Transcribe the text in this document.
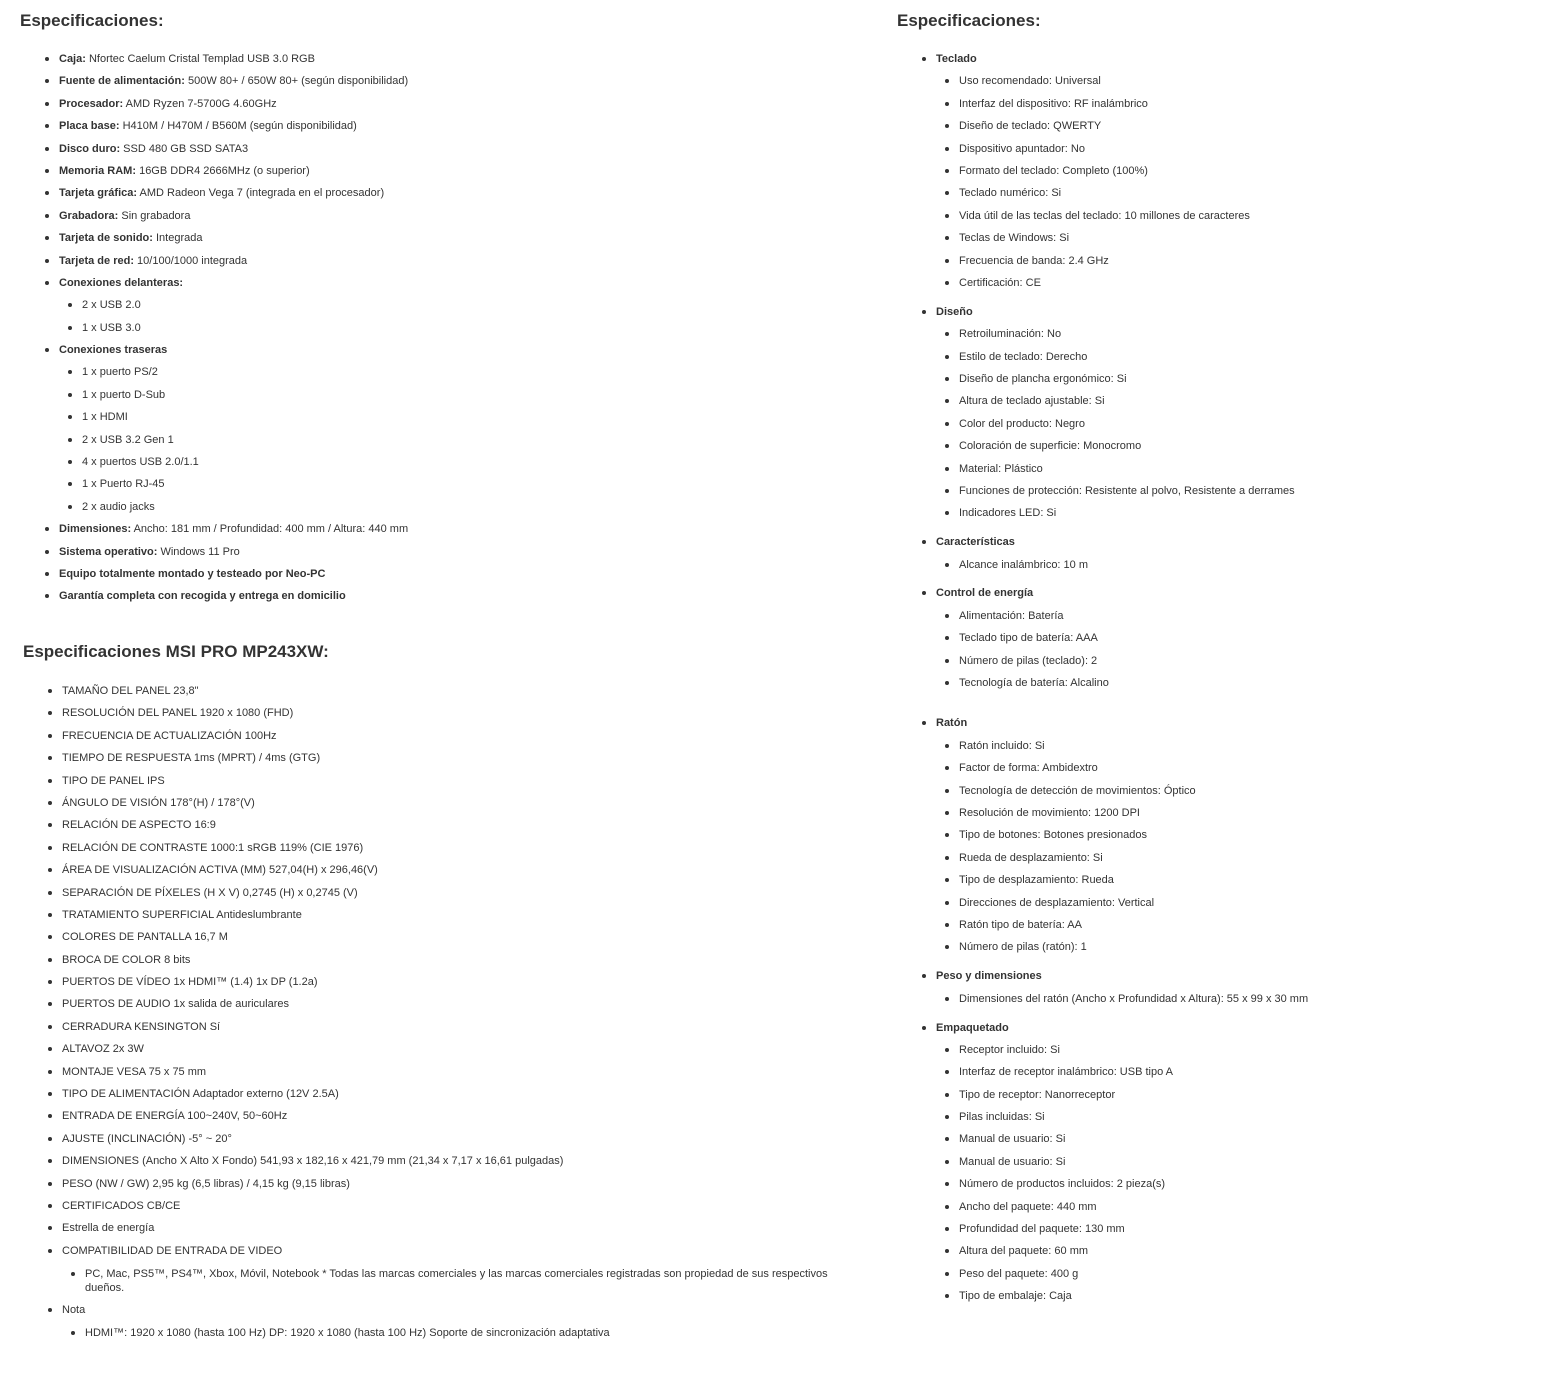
Especificaciones:
Caja: Nfortec Caelum Cristal Templad USB 3.0 RGB
Fuente de alimentación: 500W 80+ / 650W 80+ (según disponibilidad)
Procesador: AMD Ryzen 7-5700G 4.60GHz
Placa base: H410M / H470M / B560M (según disponibilidad)
Disco duro: SSD 480 GB SSD SATA3
Memoria RAM: 16GB DDR4 2666MHz (o superior)
Tarjeta gráfica: AMD Radeon Vega 7 (integrada en el procesador)
Grabadora: Sin grabadora
Tarjeta de sonido: Integrada
Tarjeta de red: 10/100/1000 integrada
Conexiones delanteras:
2 x USB 2.0
1 x USB 3.0
Conexiones traseras
1 x puerto PS/2
1 x puerto D-Sub
1 x HDMI
2 x USB 3.2 Gen 1
4 x puertos USB 2.0/1.1
1 x Puerto RJ-45
2 x audio jacks
Dimensiones: Ancho: 181 mm / Profundidad: 400 mm / Altura: 440 mm
Sistema operativo: Windows 11 Pro
Equipo totalmente montado y testeado por Neo-PC
Garantía completa con recogida y entrega en domicilio
Especificaciones MSI PRO MP243XW:
TAMAÑO DEL PANEL 23,8"
RESOLUCIÓN DEL PANEL 1920 x 1080 (FHD)
FRECUENCIA DE ACTUALIZACIÓN 100Hz
TIEMPO DE RESPUESTA 1ms (MPRT) / 4ms (GTG)
TIPO DE PANEL IPS
ÁNGULO DE VISIÓN 178°(H) / 178°(V)
RELACIÓN DE ASPECTO 16:9
RELACIÓN DE CONTRASTE 1000:1 sRGB 119% (CIE 1976)
ÁREA DE VISUALIZACIÓN ACTIVA (MM) 527,04(H) x 296,46(V)
SEPARACIÓN DE PÍXELES (H X V) 0,2745 (H) x 0,2745 (V)
TRATAMIENTO SUPERFICIAL Antideslumbrante
COLORES DE PANTALLA 16,7 M
BROCA DE COLOR 8 bits
PUERTOS DE VÍDEO 1x HDMI™ (1.4) 1x DP (1.2a)
PUERTOS DE AUDIO 1x salida de auriculares
CERRADURA KENSINGTON Sí
ALTAVOZ 2x 3W
MONTAJE VESA 75 x 75 mm
TIPO DE ALIMENTACIÓN Adaptador externo (12V 2.5A)
ENTRADA DE ENERGÍA 100~240V, 50~60Hz
AJUSTE (INCLINACIÓN) -5° ~ 20°
DIMENSIONES (Ancho X Alto X Fondo) 541,93 x 182,16 x 421,79 mm (21,34 x 7,17 x 16,61 pulgadas)
PESO (NW / GW) 2,95 kg (6,5 libras) / 4,15 kg (9,15 libras)
CERTIFICADOS CB/CE
Estrella de energía
COMPATIBILIDAD DE ENTRADA DE VIDEO
PC, Mac, PS5™, PS4™, Xbox, Móvil, Notebook * Todas las marcas comerciales y las marcas comerciales registradas son propiedad de sus respectivos dueños.
Nota
HDMI™: 1920 x 1080 (hasta 100 Hz) DP: 1920 x 1080 (hasta 100 Hz) Soporte de sincronización adaptativa
Especificaciones:
Teclado
Uso recomendado: Universal
Interfaz del dispositivo: RF inalámbrico
Diseño de teclado: QWERTY
Dispositivo apuntador: No
Formato del teclado: Completo (100%)
Teclado numérico: Si
Vida útil de las teclas del teclado: 10 millones de caracteres
Teclas de Windows: Si
Frecuencia de banda: 2.4 GHz
Certificación: CE
Diseño
Retroiluminación: No
Estilo de teclado: Derecho
Diseño de plancha ergonómico: Si
Altura de teclado ajustable: Si
Color del producto: Negro
Coloración de superficie: Monocromo
Material: Plástico
Funciones de protección: Resistente al polvo, Resistente a derrames
Indicadores LED: Si
Características
Alcance inalámbrico: 10 m
Control de energía
Alimentación: Batería
Teclado tipo de batería: AAA
Número de pilas (teclado): 2
Tecnología de batería: Alcalino
Ratón
Ratón incluido: Si
Factor de forma: Ambidextro
Tecnología de detección de movimientos: Óptico
Resolución de movimiento: 1200 DPI
Tipo de botones: Botones presionados
Rueda de desplazamiento: Si
Tipo de desplazamiento: Rueda
Direcciones de desplazamiento: Vertical
Ratón tipo de batería: AA
Número de pilas (ratón): 1
Peso y dimensiones
Dimensiones del ratón (Ancho x Profundidad x Altura): 55 x 99 x 30 mm
Empaquetado
Receptor incluido: Si
Interfaz de receptor inalámbrico: USB tipo A
Tipo de receptor: Nanorreceptor
Pilas incluidas: Si
Manual de usuario: Si
Manual de usuario: Si
Número de productos incluidos: 2 pieza(s)
Ancho del paquete: 440 mm
Profundidad del paquete: 130 mm
Altura del paquete: 60 mm
Peso del paquete: 400 g
Tipo de embalaje: Caja
